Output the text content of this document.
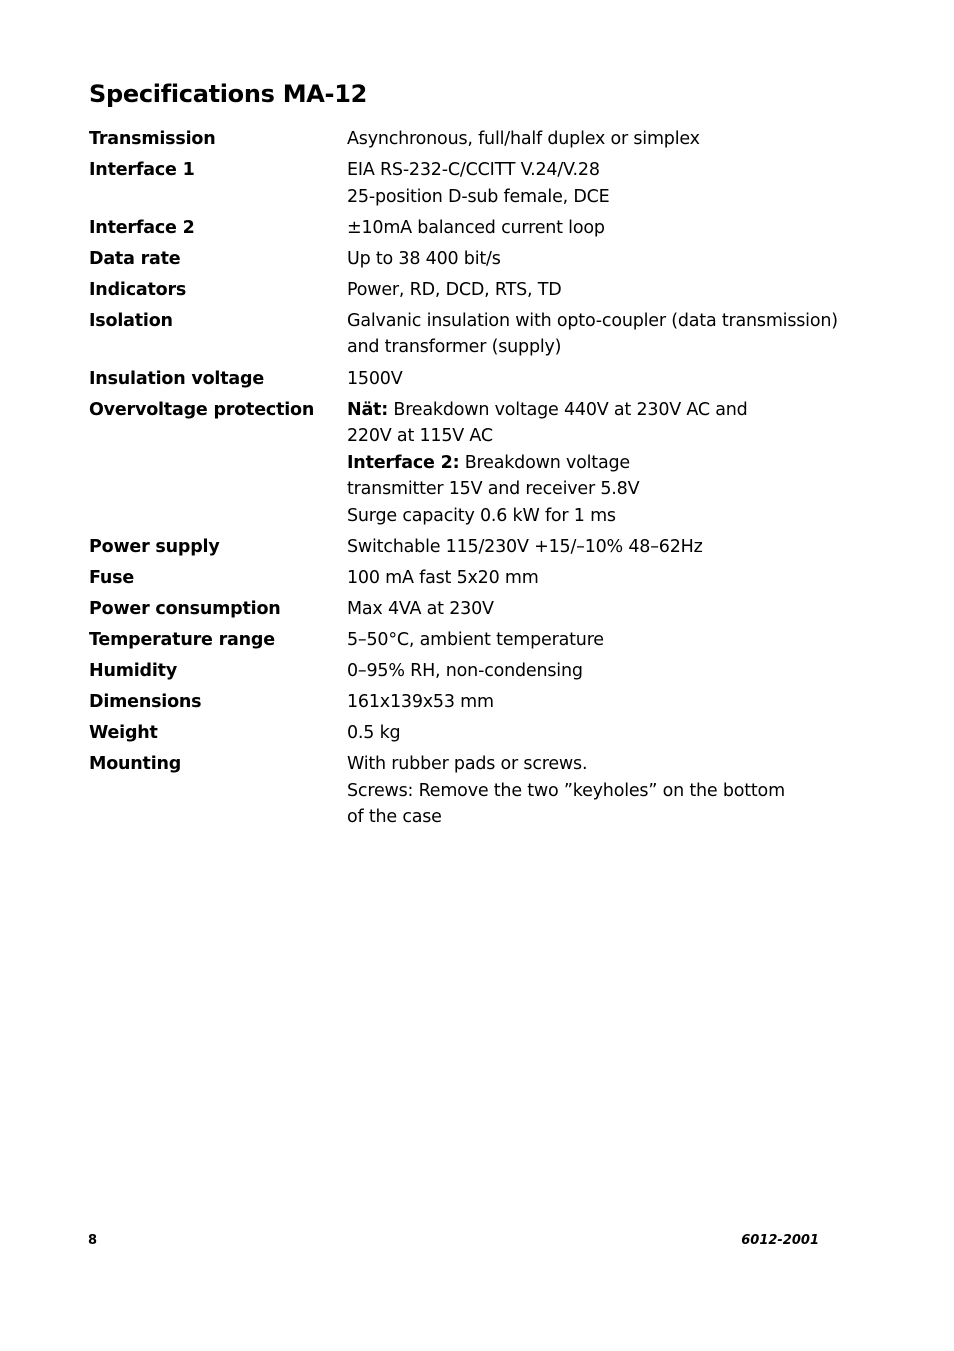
Specifications MA-12
Transmission	Asynchronous, full/half duplex or simplex

Interface 1	EIA RS-232-C/CCITT V.24/V.28
25-position D-sub female, DCE

Interface 2	±10mA balanced current loop

Data rate	Up to 38 400 bit/s

Indicators	Power, RD, DCD, RTS, TD

Isolation	Galvanic insulation with opto-coupler (data transmission)
and transformer (supply)

Insulation voltage	1500V

Overvoltage protection	Nät: Breakdown voltage 440V at 230V AC and
220V at 115V AC
Interface 2: Breakdown voltage
transmitter 15V and receiver 5.8V
Surge capacity 0.6 kW for 1 ms

Power supply	Switchable 115/230V +15/–10% 48–62Hz

Fuse	100 mA fast 5x20 mm

Power consumption	Max 4VA at 230V

Temperature range	5–50°C, ambient temperature

Humidity	0–95% RH, non-condensing

Dimensions	161x139x53 mm

Weight	0.5 kg

Mounting	With rubber pads or screws.
Screws: Remove the two ”keyholes” on the bottom
of the case
8	6012-2001
